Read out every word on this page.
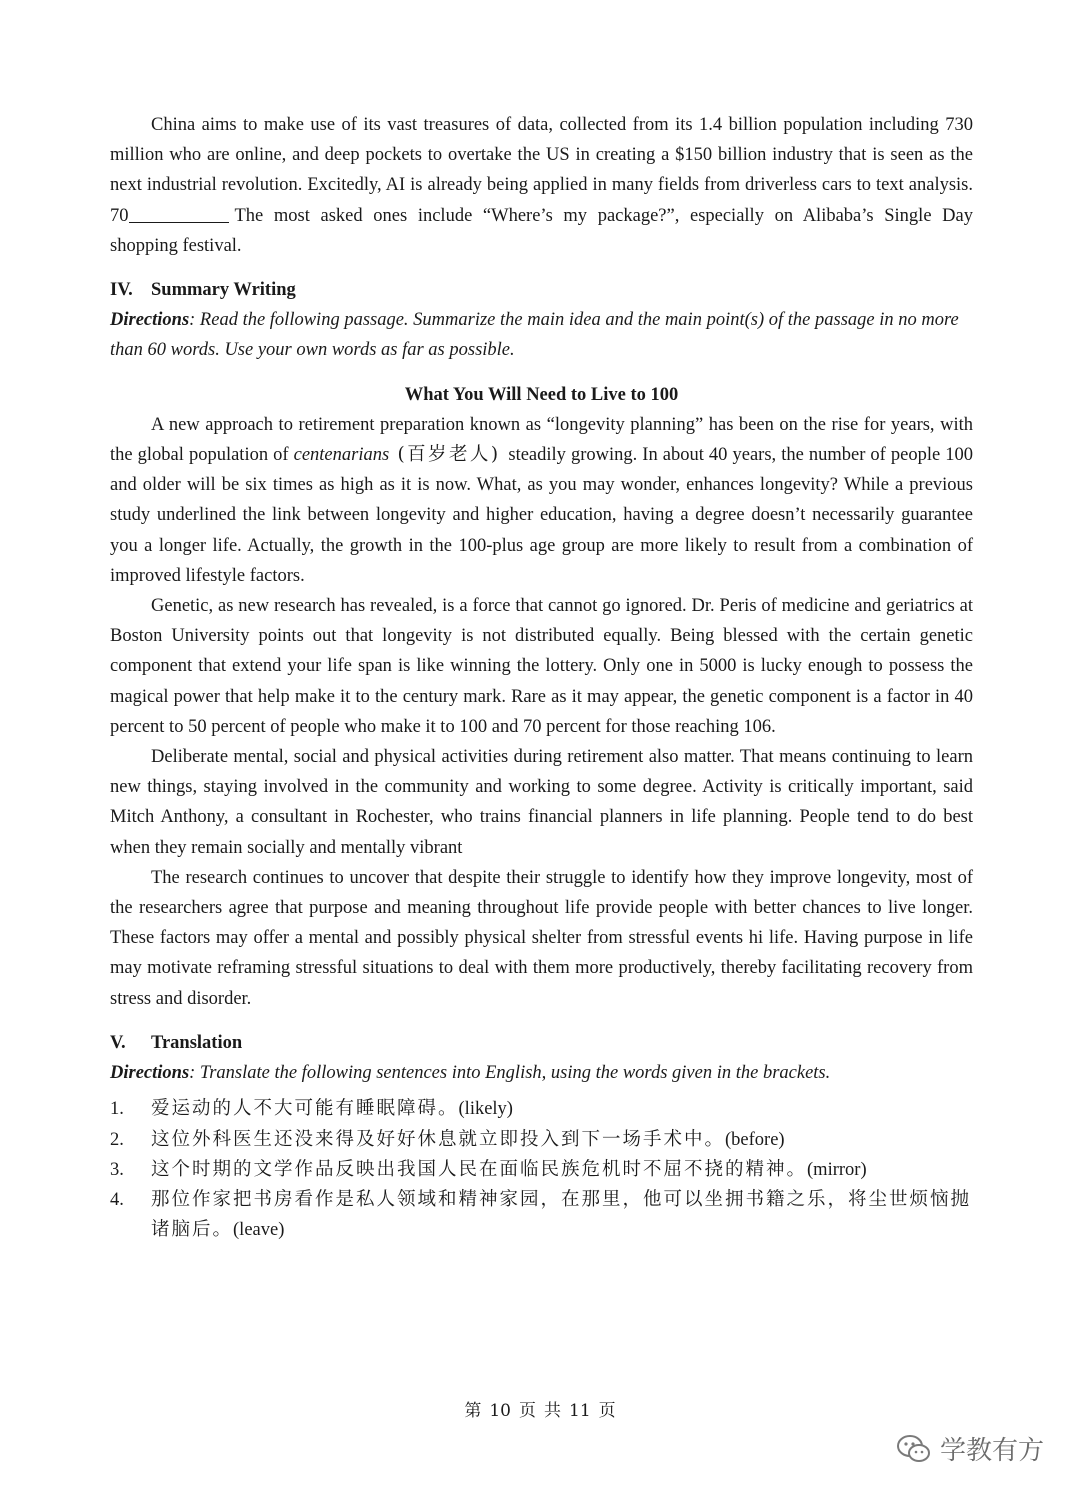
China aims to make use of its vast treasures of data, collected from its 1.4 billion population including 730 million who are online, and deep pockets to overtake the US in creating a $150 billion industry that is seen as the next industrial revolution. Excitedly, AI is already being applied in many fields from driverless cars to text analysis. 70	The most asked ones include “Where’s my package?”, especially on Alibaba’s Single Day shopping festival.

IV. Summary Writing

Directions: Read the following passage. Summarize the main idea and the main point(s) of the passage in no more than 60 words. Use your own words as far as possible.

What You Will Need to Live to 100

A new approach to retirement preparation known as “longevity planning” has been on the rise for years, with the global population of centenarians (百岁老人) steadily growing. In about 40 years, the number of people 100 and older will be six times as high as it is now. What, as you may wonder, enhances longevity? While a previous study underlined the link between longevity and higher education, having a degree doesn’t necessarily guarantee you a longer life. Actually, the growth in the 100-plus age group are more likely to result from a combination of improved lifestyle factors.

Genetic, as new research has revealed, is a force that cannot go ignored. Dr. Peris of medicine and geriatrics at Boston University points out that longevity is not distributed equally. Being blessed with the certain genetic component that extend your life span is like winning the lottery. Only one in 5000 is lucky enough to possess the magical power that help make it to the century mark. Rare as it may appear, the genetic component is a factor in 40 percent to 50 percent of people who make it to 100 and 70 percent for those reaching 106.

Deliberate mental, social and physical activities during retirement also matter. That means continuing to learn new things, staying involved in the community and working to some degree. Activity is critically important, said Mitch Anthony, a consultant in Rochester, who trains financial planners in life planning. People tend to do best when they remain socially and mentally vibrant

The research continues to uncover that despite their struggle to identify how they improve longevity, most of the researchers agree that purpose and meaning throughout life provide people with better chances to live longer. These factors may offer a mental and possibly physical shelter from stressful events hi life. Having purpose in life may motivate reframing stressful situations to deal with them more productively, thereby facilitating recovery from stress and disorder.

V. Translation

Directions: Translate the following sentences into English, using the words given in the brackets.

1.	爱运动的人不大可能有睡眠障碍。(likely)
2.	这位外科医生还没来得及好好休息就立即投入到下一场手术中。(before)
3.	这个时期的文学作品反映出我国人民在面临民族危机时不屈不挠的精神。(mirror)
4.	那位作家把书房看作是私人领域和精神家园，在那里，他可以坐拥书籍之乐，将尘世烦恼抛诸脑后。(leave)
第 10 页 共 11 页
学教有方
